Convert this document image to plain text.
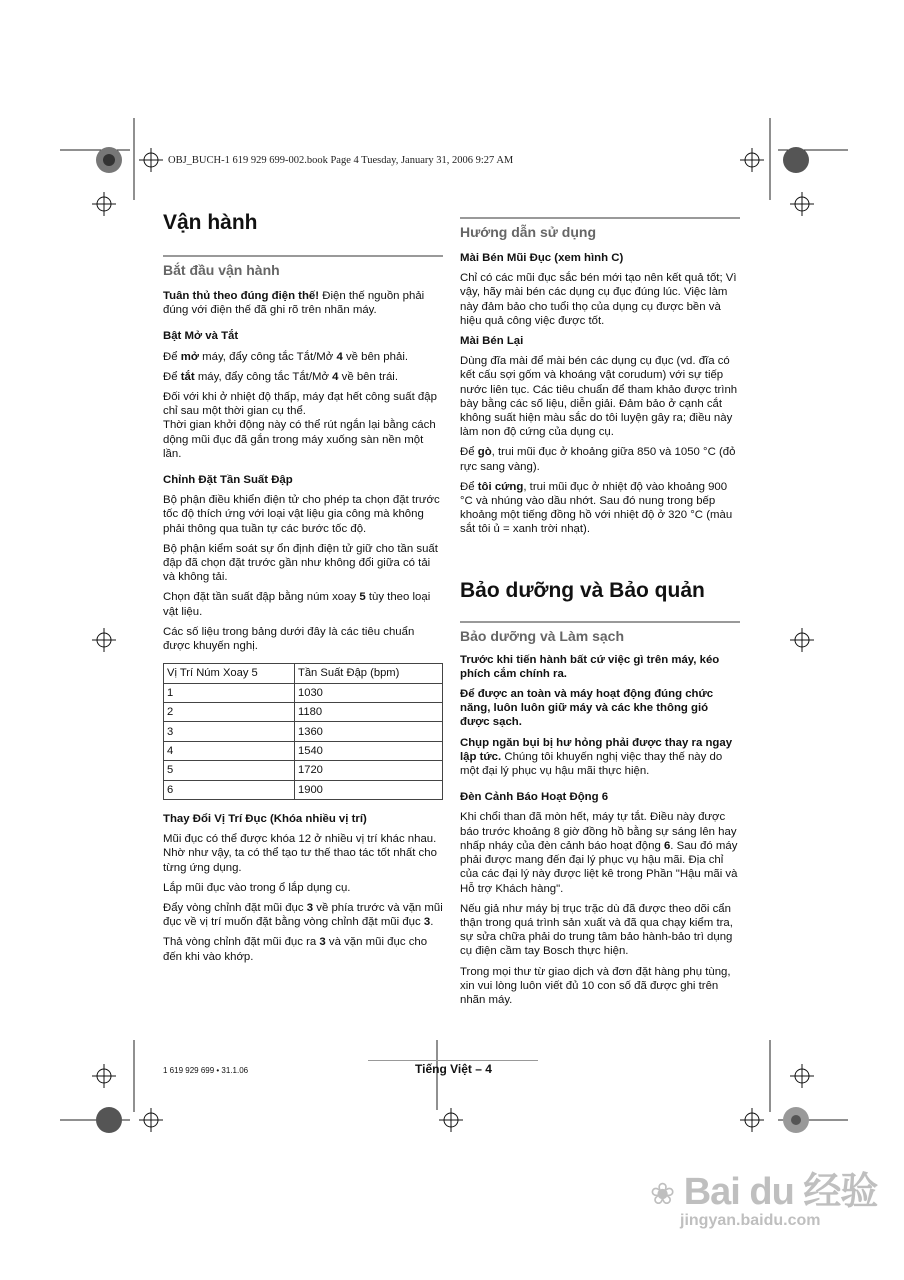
OBJ_BUCH-1 619 929 699-002.book Page 4 Tuesday, January 31, 2006 9:27 AM
Vận hành
Bắt đầu vận hành

Tuân thủ theo đúng điện thế! Điện thế nguồn phải đúng với điện thế đã ghi rõ trên nhãn máy.

Bật Mở và Tắt

Để mở máy, đẩy công tắc Tắt/Mở 4 về bên phải.

Để tắt máy, đẩy công tắc Tắt/Mở 4 về bên trái.

Đối với khi ở nhiệt độ thấp, máy đạt hết công suất đập chỉ sau một thời gian cụ thể.

Thời gian khởi động này có thể rút ngắn lại bằng cách dộng mũi đục đã gắn trong máy xuống sàn nền một lần.

Chỉnh Đặt Tần Suất Đập

Bộ phận điều khiển điện tử cho phép ta chọn đặt trước tốc độ thích ứng với loại vật liệu gia công mà không phải thông qua tuần tự các bước tốc độ.

Bộ phận kiểm soát sự ổn định điện tử giữ cho tần suất đập đã chọn đặt trước gần như không đổi giữa có tải và không tải.

Chọn đặt tần suất đập bằng núm xoay 5 tùy theo loại vật liệu.

Các số liệu trong bảng dưới đây là các tiêu chuẩn được khuyến nghị.

Vị Trí Núm Xoay 5	Tần Suất Đập (bpm)
1	1030
2	1180
3	1360
4	1540
5	1720
6	1900

Thay Đổi Vị Trí Đục (Khóa nhiều vị trí)

Mũi đục có thể được khóa 12 ở nhiều vị trí khác nhau. Nhờ như vậy, ta có thể tạo tư thế thao tác tốt nhất cho từng ứng dụng.

Lắp mũi đục vào trong ổ lắp dụng cụ.

Đẩy vòng chỉnh đặt mũi đục 3 về phía trước và vặn mũi đục về vị trí muốn đặt bằng vòng chỉnh đặt mũi đục 3.

Thả vòng chỉnh đặt mũi đục ra 3 và vặn mũi đục cho đến khi vào khớp.

Hướng dẫn sử dụng

Mài Bén Mũi Đục (xem hình C)

Chỉ có các mũi đục sắc bén mới tạo nên kết quả tốt; Vì vậy, hãy mài bén các dụng cụ đục đúng lúc. Việc làm này đảm bảo cho tuổi thọ của dụng cụ được bền và hiệu quả công việc được tốt.

Mài Bén Lại

Dùng đĩa mài để mài bén các dụng cụ đục (vd. đĩa có kết cấu sợi gốm và khoáng vật corudum) với sự tiếp nước liên tục. Các tiêu chuẩn để tham khảo được trình bày bằng các số liệu, diễn giải. Đảm bảo ở cạnh cắt không suất hiện màu sắc do tôi luyện gây ra; điều này làm non độ cứng của dụng cụ.

Để gò, trui mũi đục ở khoảng giữa 850 và 1050 °C (đỏ rực sang vàng).

Để tôi cứng, trui mũi đục ở nhiệt độ vào khoảng 900 °C và nhúng vào dầu nhớt. Sau đó nung trong bếp khoảng một tiếng đồng hồ với nhiệt độ ở 320 °C (màu sắt tôi ủ = xanh trời nhạt).

Bảo dưỡng và Bảo quản
Bảo dưỡng và Làm sạch

Trước khi tiến hành bất cứ việc gì trên máy, kéo phích cắm chính ra.

Để được an toàn và máy hoạt động đúng chức năng, luôn luôn giữ máy và các khe thông gió được sạch.

Chụp ngăn bụi bị hư hỏng phải được thay ra ngay lập tức. Chúng tôi khuyến nghị việc thay thế này do một đại lý phục vụ hậu mãi thực hiện.

Đèn Cảnh Báo Hoạt Động 6

Khi chổi than đã mòn hết, máy tự tắt. Điều này được báo trước khoảng 8 giờ đồng hồ bằng sự sáng lên hay nhấp nháy của đèn cảnh báo hoạt động 6. Sau đó máy phải được mang đến đại lý phục vụ hậu mãi. Địa chỉ của các đại lý này được liệt kê trong Phần "Hậu mãi và Hỗ trợ Khách hàng".

Nếu giả như máy bị trục trặc dù đã được theo dõi cẩn thận trong quá trình sản xuất và đã qua chạy kiểm tra, sự sửa chữa phải do trung tâm bảo hành-bảo trì dụng cụ điện cầm tay Bosch thực hiện.

Trong mọi thư từ giao dịch và đơn đặt hàng phụ tùng, xin vui lòng luôn viết đủ 10 con số đã được ghi trên nhãn máy.

Tiếng Việt – 4
1 619 929 699 • 31.1.06
❀ Bai du 经验
jingyan.baidu.com
